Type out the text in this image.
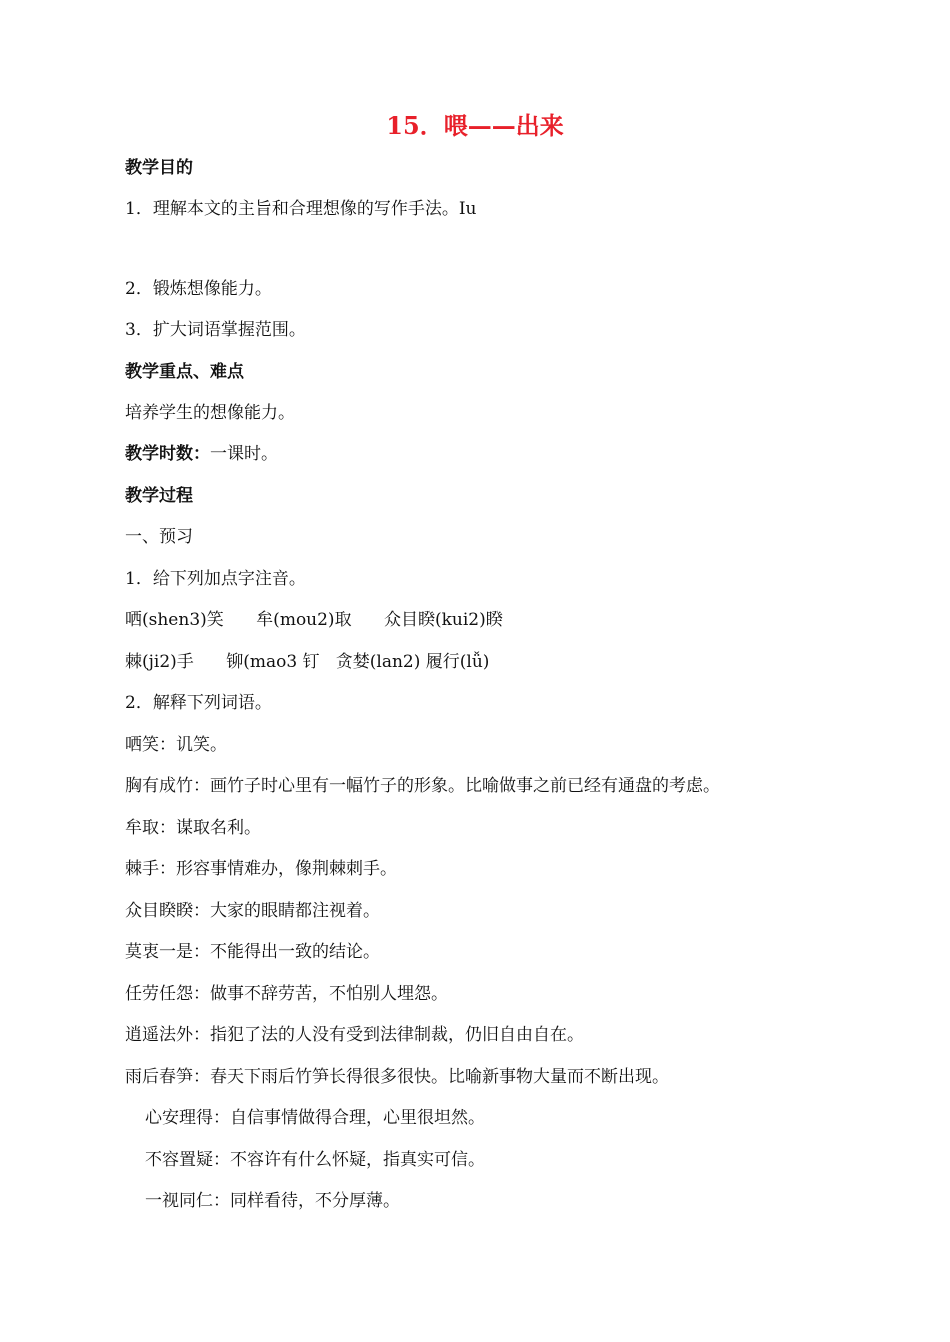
15．喂——出来
教学目的
1．理解本文的主旨和合理想像的写作手法。Iu
2．锻炼想像能力。
3．扩大词语掌握范围。
教学重点、难点
培养学生的想像能力。
教学时数：一课时。
教学过程
一、预习
1．给下列加点字注音。
哂(shen3)笑      牟(mou2)取      众目睽(kui2)睽
棘(ji2)手      铆(mao3 钉   贪婪(lan2) 履行(lǚ)
2．解释下列词语。
哂笑：讥笑。
胸有成竹：画竹子时心里有一幅竹子的形象。比喻做事之前已经有通盘的考虑。
牟取：谋取名利。
棘手：形容事情难办，像荆棘刺手。
众目睽睽：大家的眼睛都注视着。
莫衷一是：不能得出一致的结论。
任劳任怨：做事不辞劳苦，不怕别人埋怨。
逍遥法外：指犯了法的人没有受到法律制裁，仍旧自由自在。
雨后春笋：春天下雨后竹笋长得很多很快。比喻新事物大量而不断出现。
心安理得：自信事情做得合理，心里很坦然。
不容置疑：不容许有什么怀疑，指真实可信。
一视同仁：同样看待，不分厚薄。
